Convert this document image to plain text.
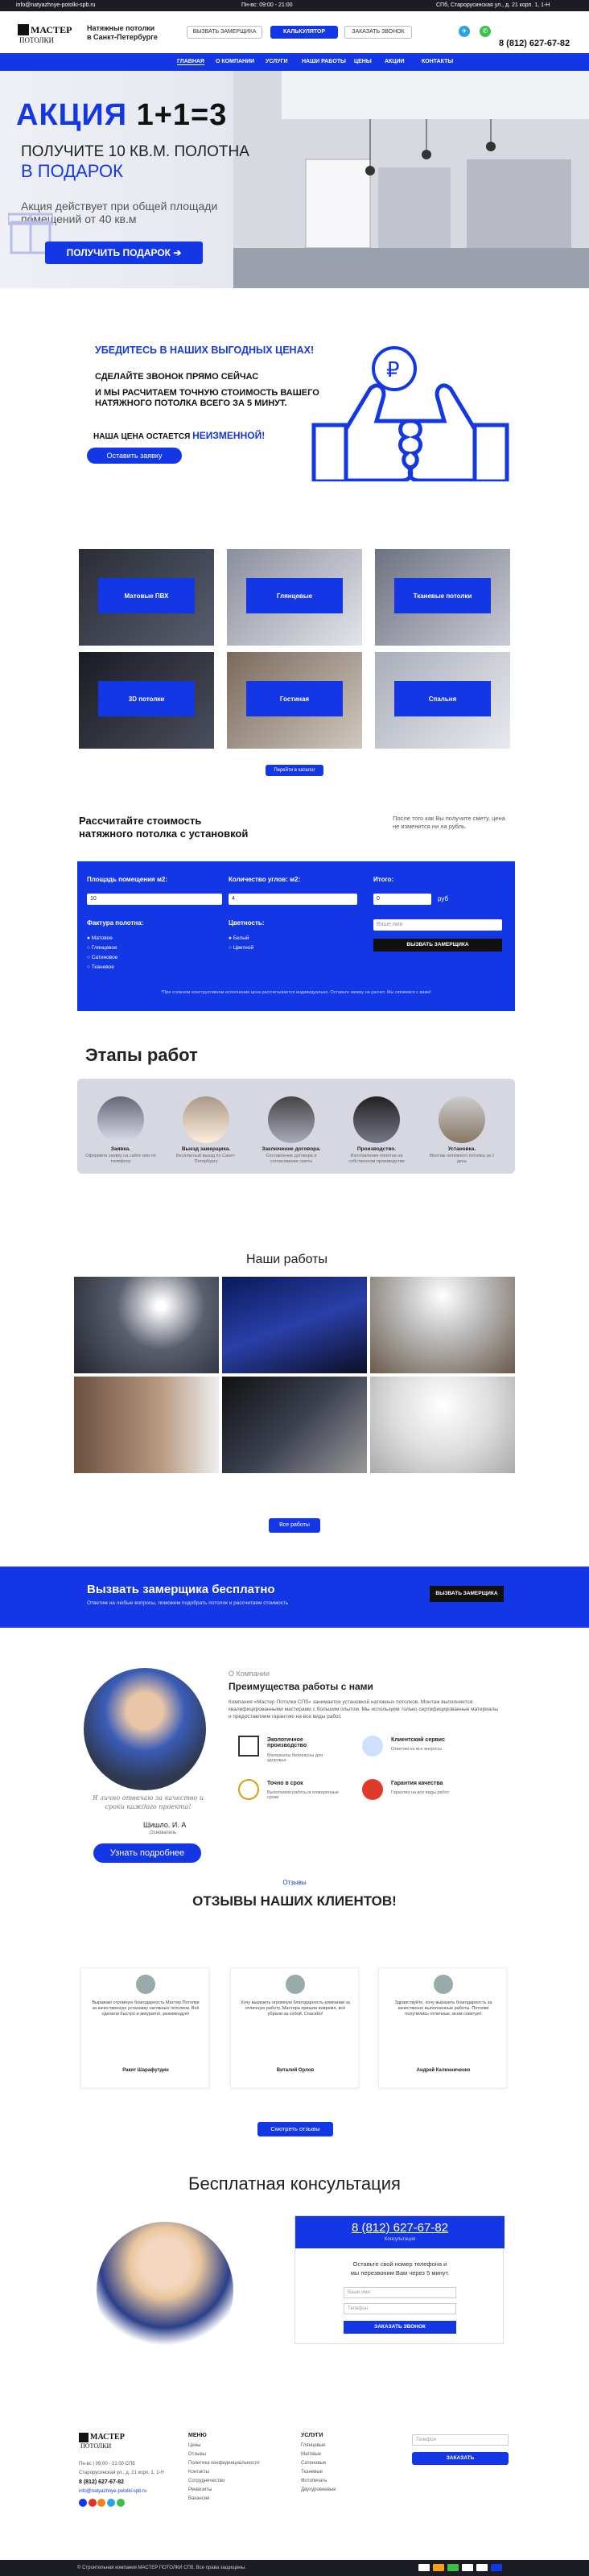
info@natyazhnye-potolki-spb.ru	Пн-вс: 09:00 - 21:00	СПб, Старорусинская ул., д. 21 корп. 1, 1-Н
МАСТЕР
ПОТОЛКИ
Натяжные потолки
в Санкт-Петербурге
ВЫЗВАТЬ ЗАМЕРЩИКА	КАЛЬКУЛЯТОР	ЗАКАЗАТЬ ЗВОНОК	✈	✆
8 (812) 627-67-82
ГЛАВНАЯ О КОМПАНИИ УСЛУГИ НАШИ РАБОТЫ ЦЕНЫ АКЦИИ	КОНТАКТЫ
АКЦИЯ 1+1=3
ПОЛУЧИТЕ 10 КВ.М. ПОЛОТНА
В ПОДАРОК
Акция действует при общей площади
помещений от 40 кв.м
ПОЛУЧИТЬ ПОДАРОК ➔
УБЕДИТЕСЬ В НАШИХ ВЫГОДНЫХ ЦЕНАХ!
СДЕЛАЙТЕ ЗВОНОК ПРЯМО СЕЙЧАС
И МЫ РАСЧИТАЕМ ТОЧНУЮ СТОИМОСТЬ ВАШЕГО
НАТЯЖНОГО ПОТОЛКА ВСЕГО ЗА 5 МИНУТ.
НАША ЦЕНА ОСТАЕТСЯ НЕИЗМЕННОЙ!
Оставить заявку
₽
Матовые ПВХ	Глянцевые	Тканевые потолки
3D потолки	Гостиная	Спальня
Перейти в каталог
Рассчитайте стоимость
натяжного потолка с установкой
После того как Вы получите смету, цена не изменится ни на рубль.
Площадь помещения м2:
10
Количество углов: м2:
4
Итого:
0	руб
Фактура полотна:
● Матовое
○ Глянцевое
○ Сатиновое
○ Тканевое
Цветность:
● Белый
○ Цветной
Ваше имя
ВЫЗВАТЬ ЗАМЕРЩИКА
*При сложном конструктивном исполнении цена рассчитывается индивидуально. Оставьте заявку на расчет. Мы свяжемся с вами!
Этапы работ
Заявка.
Оформите заявку на сайте или по телефону
Выезд замерщика.
Бесплатный выезд по Санкт-Петербургу
Заключение договора.
Составление договора и согласование сметы
Производство.
Изготовление полотна на собственном производстве
Установка.
Монтаж натяжного потолка за 1 день
Наши работы
Все работы
Вызвать замерщика бесплатно
Ответим на любые вопросы, поможем подобрать потолок и рассчитаем стоимость
ВЫЗВАТЬ ЗАМЕРЩИКА
Я лично отвечаю за качество и сроки каждого проекта!
Шишло. И. А
Основатель
Узнать подробнее
О Компании
Преимущества работы с нами
Компания «Мастер Потолки СПб» занимается установкой натяжных потолков. Монтаж выполняется квалифицированными мастерами с большим опытом. Мы используем только сертифицированные материалы и предоставляем гарантию на все виды работ.
Экологичное производство
Материалы безопасны для здоровья
Клиентский сервис
Ответим на все вопросы
Точно в срок
Выполняем работы в оговоренные сроки
Гарантия качества
Гарантия на все виды работ
Отзывы
ОТЗЫВЫ НАШИХ КЛИЕНТОВ!
Выражаю огромную благодарность Мастер Потолки за качественную установку натяжных потолков. Всё сделали быстро и аккуратно, рекомендую!
Ракит Шарафутдин
Хочу выразить огромную благодарность компании за отличную работу. Мастера пришли вовремя, всё убрали за собой. Спасибо!
Виталий Орлов
Здравствуйте, хочу выразить благодарность за качественно выполненные работы. Потолки получились отличные, всем советую!
Андрей Калинниченко
Смотреть отзывы
Бесплатная консультация
8 (812) 627-67-82
Консультация
Оставьте свой номер телефона и
мы перезвоним Вам через 5 минут.
Ваше имя
Телефон
ЗАКАЗАТЬ ЗВОНОК
МАСТЕР
ПОТОЛКИ
Пн-вс | 09:00 - 21:00 СПб
Старорусинская ул., д. 21 корп. 1, 1-Н
8 (812) 627-67-82
info@natyazhnye-potolki-spb.ru

МЕНЮ
Цены
Отзывы
Политика конфиденциальности
Контакты
Сотрудничество
Реквизиты
Вакансии
УСЛУГИ
Глянцевые
Матовые
Сатиновые
Тканевые
Фотопечать
Двухуровневые
Телефон
ЗАКАЗАТЬ
© Строительная компания МАСТЕР ПОТОЛКИ СПб. Все права защищены.
